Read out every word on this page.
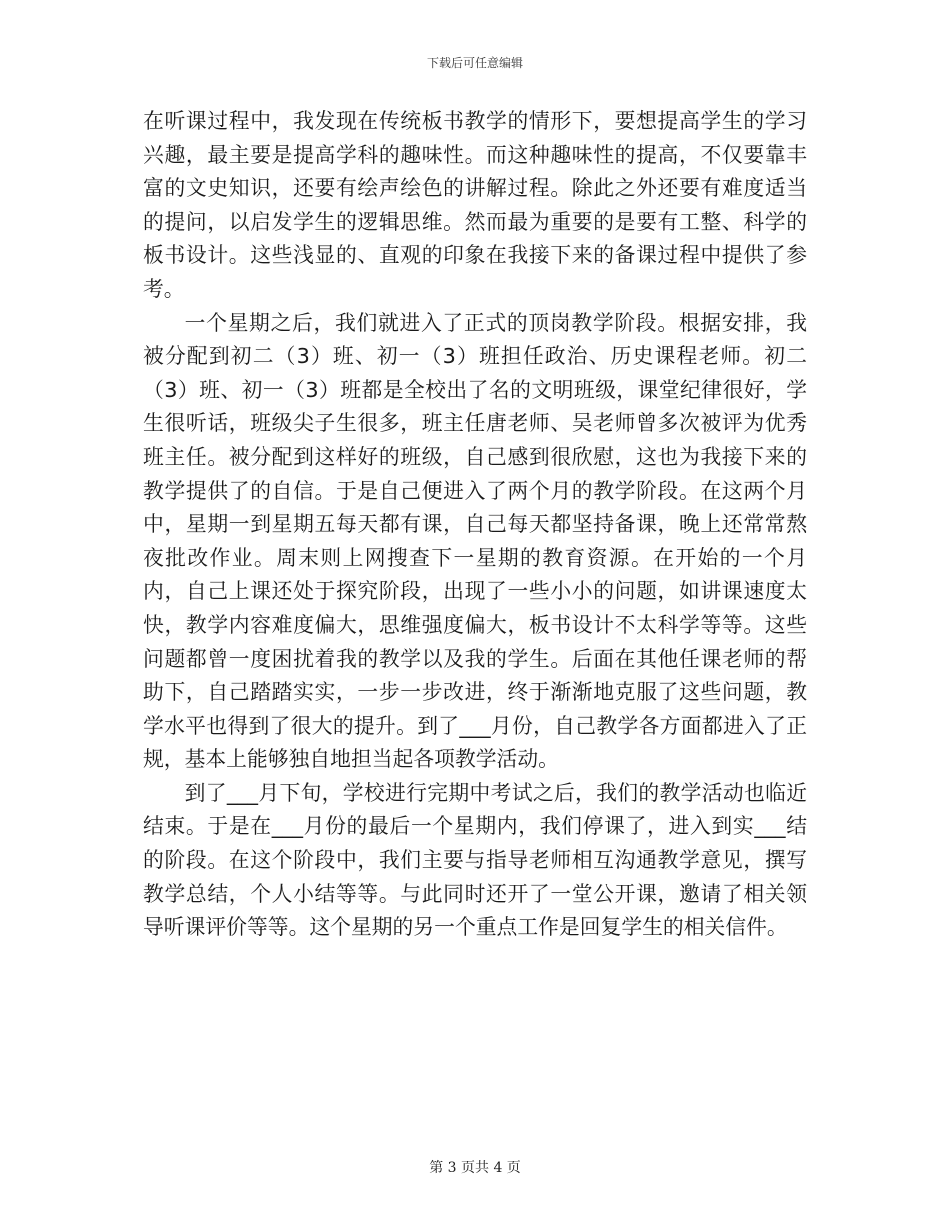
下载后可任意编辑

在听课过程中，我发现在传统板书教学的情形下，要想提高学生的学习兴趣，最主要是提高学科的趣味性。而这种趣味性的提高，不仅要靠丰富的文史知识，还要有绘声绘色的讲解过程。除此之外还要有难度适当的提问，以启发学生的逻辑思维。然而最为重要的是要有工整、科学的板书设计。这些浅显的、直观的印象在我接下来的备课过程中提供了参考。

一个星期之后，我们就进入了正式的顶岗教学阶段。根据安排，我被分配到初二（3）班、初一（3）班担任政治、历史课程老师。初二（3）班、初一（3）班都是全校出了名的文明班级，课堂纪律很好，学生很听话，班级尖子生很多，班主任唐老师、吴老师曾多次被评为优秀班主任。被分配到这样好的班级，自己感到很欣慰，这也为我接下来的教学提供了的自信。于是自己便进入了两个月的教学阶段。在这两个月中，星期一到星期五每天都有课，自己每天都坚持备课，晚上还常常熬夜批改作业。周末则上网搜查下一星期的教育资源。在开始的一个月内，自己上课还处于探究阶段，出现了一些小小的问题，如讲课速度太快，教学内容难度偏大，思维强度偏大，板书设计不太科学等等。这些问题都曾一度困扰着我的教学以及我的学生。后面在其他任课老师的帮助下，自己踏踏实实，一步一步改进，终于渐渐地克服了这些问题，教学水平也得到了很大的提升。到了___月份，自己教学各方面都进入了正规，基本上能够独自地担当起各项教学活动。

到了___月下旬，学校进行完期中考试之后，我们的教学活动也临近结束。于是在___月份的最后一个星期内，我们停课了，进入到实___结的阶段。在这个阶段中，我们主要与指导老师相互沟通教学意见，撰写教学总结，个人小结等等。与此同时还开了一堂公开课，邀请了相关领导听课评价等等。这个星期的另一个重点工作是回复学生的相关信件。

第 3 页共 4 页
